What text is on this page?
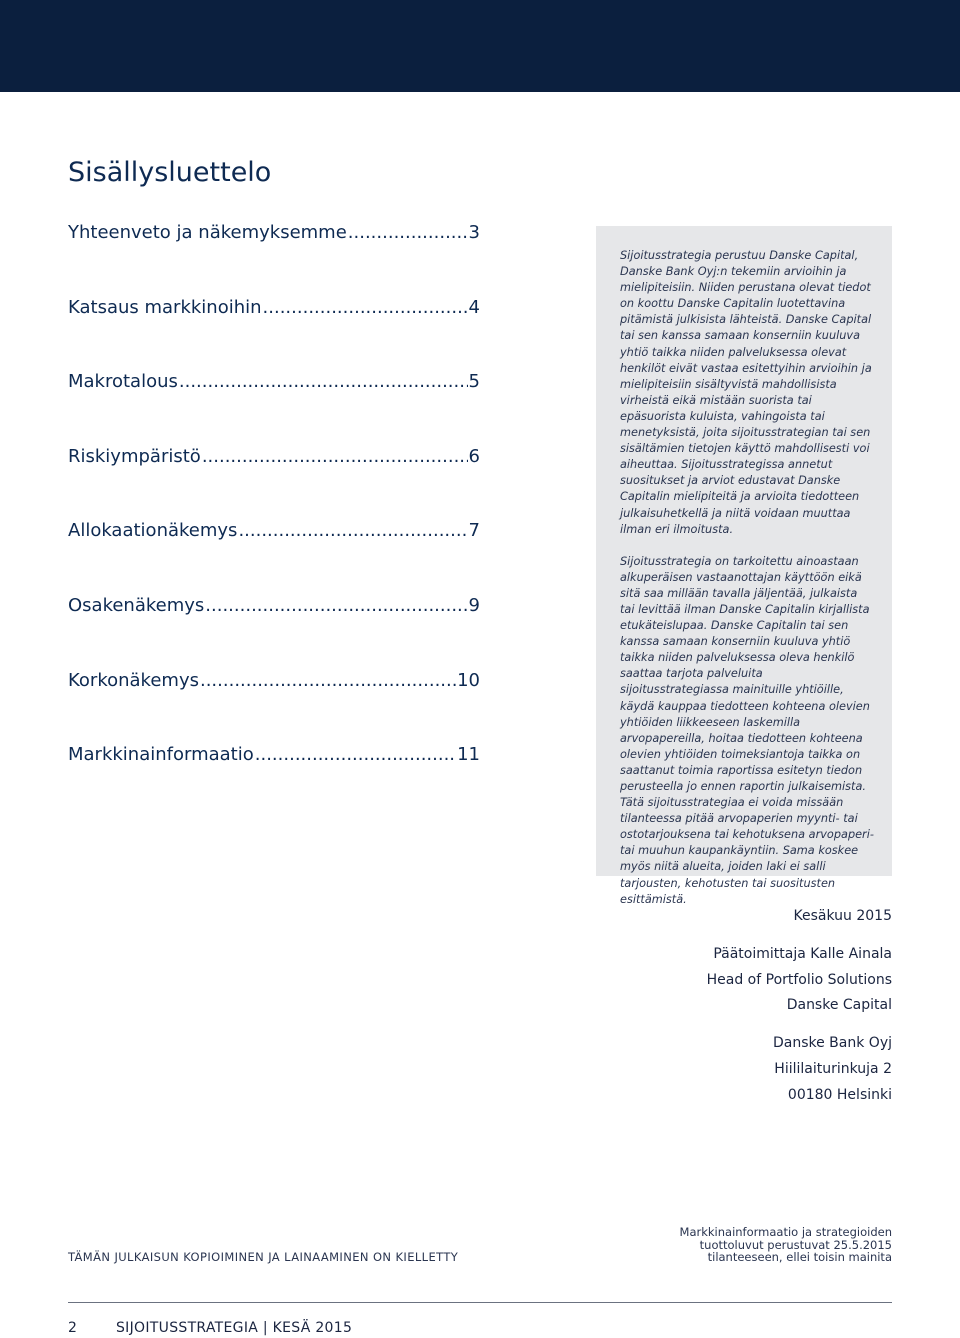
Sisällysluettelo
Yhteenveto ja näkemyksemme .....	3
Katsaus markkinoihin .....	4
Makrotalous .....	5
Riskiympäristö .....	6
Allokaationäkemys .....	7
Osakenäkemys .....	9
Korkonäkemys .....	10
Markkinainformaatio .....	11

Sijoitusstrategia perustuu Danske Capital, Danske Bank Oyj:n tekemiin arvioihin ja mielipiteisiin. Niiden perustana olevat tiedot on koottu Danske Capitalin luotettavina pitämistä julkisista lähteistä. Danske Capital tai sen kanssa samaan konserniin kuuluva yhtiö taikka niiden palveluksessa olevat henkilöt eivät vastaa esitettyihin arvioihin ja mielipiteisiin sisältyvistä mahdollisista virheistä eikä mistään suorista tai epäsuorista kuluista, vahingoista tai menetyksistä, joita sijoitusstrategian tai sen sisältämien tietojen käyttö mahdollisesti voi aiheuttaa. Sijoitusstrategissa annetut suositukset ja arviot edustavat Danske Capitalin mielipiteitä ja arvioita tiedotteen julkaisuhetkellä ja niitä voidaan muuttaa ilman eri ilmoitusta.

Sijoitusstrategia on tarkoitettu ainoastaan alkuperäisen vastaanottajan käyttöön eikä sitä saa millään tavalla jäljentää, julkaista tai levittää ilman Danske Capitalin kirjallista etukäteislupaa. Danske Capitalin tai sen kanssa samaan konserniin kuuluva yhtiö taikka niiden palveluksessa oleva henkilö saattaa tarjota palveluita sijoitusstrategiassa mainituille yhtiöille, käydä kauppaa tiedotteen kohteena olevien yhtiöiden liikkeeseen laskemilla arvopapereilla, hoitaa tiedotteen kohteena olevien yhtiöiden toimeksiantoja taikka on saattanut toimia raportissa esitetyn tiedon perusteella jo ennen raportin julkaisemista. Tätä sijoitusstrategiaa ei voida missään tilanteessa pitää arvopaperien myynti- tai ostotarjouksena tai kehotuksena arvopaperi- tai muuhun kaupankäyntiin. Sama koskee myös niitä alueita, joiden laki ei salli tarjousten, kehotusten tai suositusten esittämistä.

Kesäkuu 2015
Päätoimittaja Kalle Ainala
Head of Portfolio Solutions
Danske Capital
Danske Bank Oyj
Hiililaiturinkuja 2
00180 Helsinki
TÄMÄN JULKAISUN KOPIOIMINEN JA LAINAAMINEN ON KIELLETTY
Markkinainformaatio ja strategioiden
tuottoluvut perustuvat 25.5.2015
tilanteeseen, ellei toisin mainita
2	SIJOITUSSTRATEGIA | KESÄ 2015
